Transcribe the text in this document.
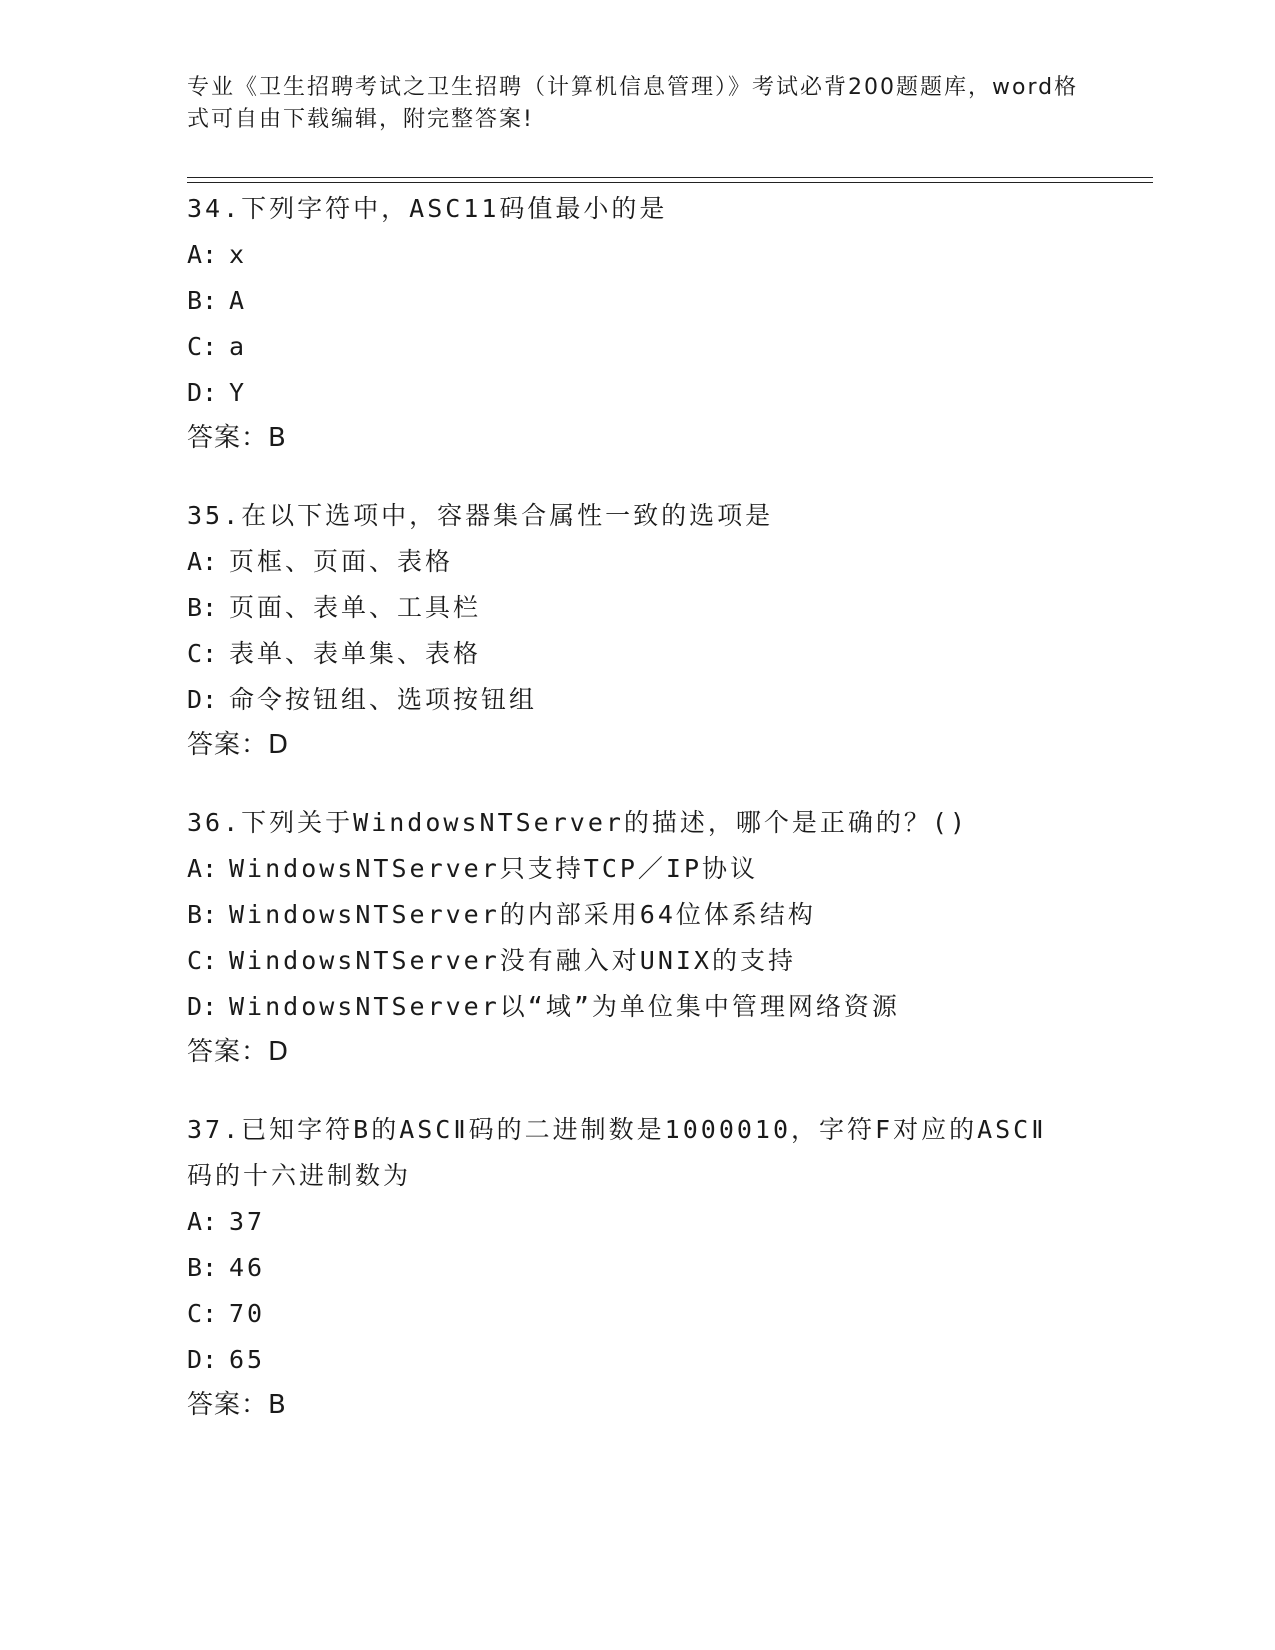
专业《卫生招聘考试之卫生招聘（计算机信息管理）》考试必背200题题库，word格式可自由下载编辑，附完整答案!
34.下列字符中，ASC11码值最小的是
A: x
B: A
C: a
D: Y
答案：B
35.在以下选项中，容器集合属性一致的选项是
A: 页框、页面、表格
B: 页面、表单、工具栏
C: 表单、表单集、表格
D: 命令按钮组、选项按钮组
答案：D
36.下列关于WindowsNTServer的描述，哪个是正确的？()
A: WindowsNTServer只支持TCP／IP协议
B: WindowsNTServer的内部采用64位体系结构
C: WindowsNTServer没有融入对UNIX的支持
D: WindowsNTServer以“域”为单位集中管理网络资源
答案：D
37.已知字符B的ASCⅡ码的二进制数是1000010，字符F对应的ASCⅡ码的十六进制数为
A: 37
B: 46
C: 70
D: 65
答案：B
